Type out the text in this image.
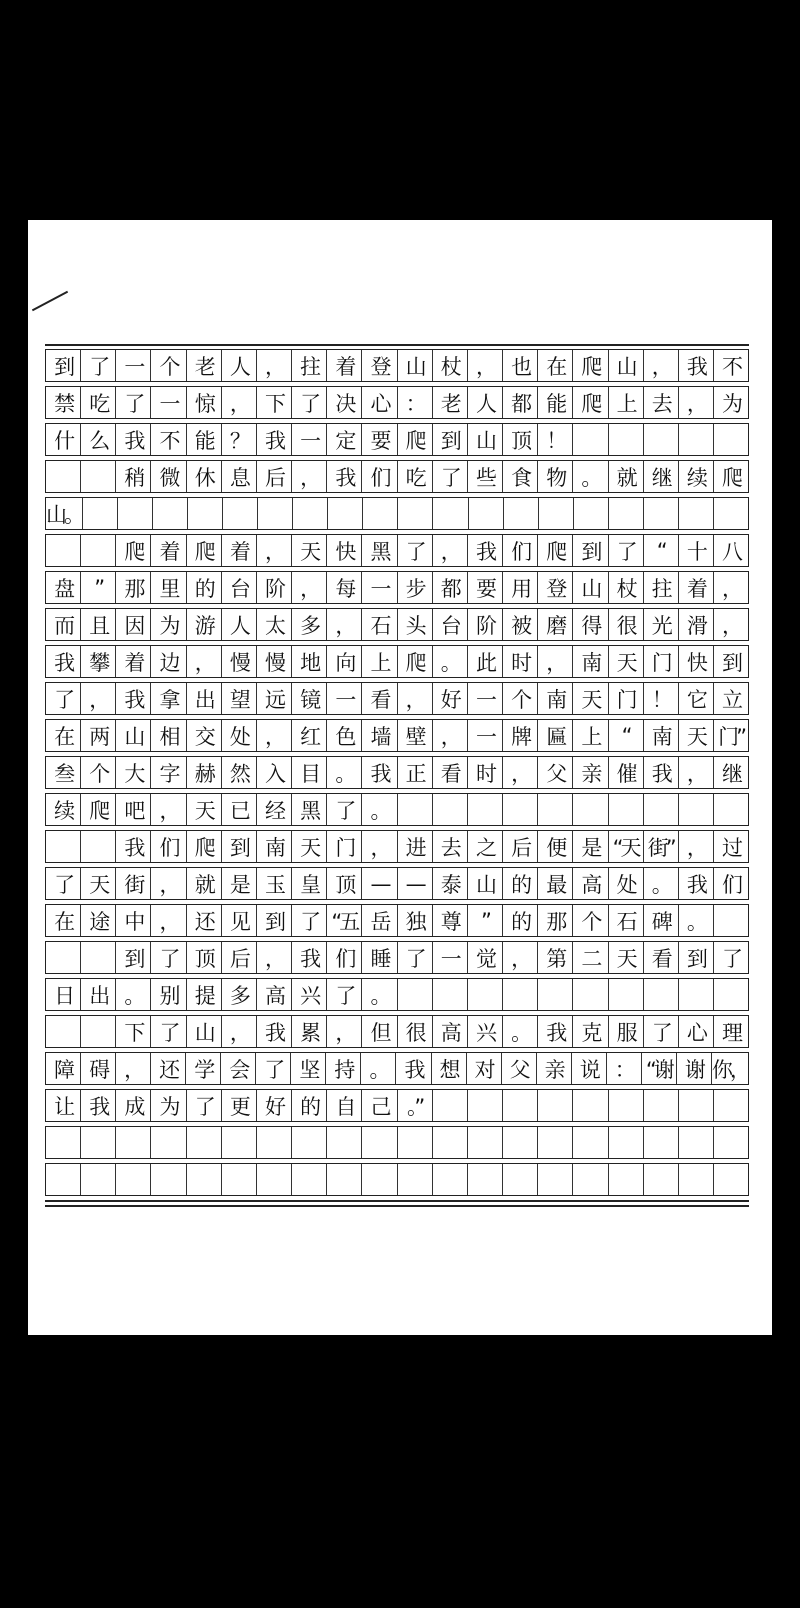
到 了 一 个 老 人 ， 拄 着 登 山 杖 ， 也 在 爬 山 ， 我 不
禁 吃 了 一 惊 ， 下 了 决 心 ： 老 人 都 能 爬 上 去 ， 为
什 么 我 不 能 ？ 我 一 定 要 爬 到 山 顶 ！
稍 微 休 息 后 ， 我 们 吃 了 些 食 物 。 就 继 续 爬
山。
爬 着 爬 着 ， 天 快 黑 了 ， 我 们 爬 到 了	“	十 八
盘	”	那 里 的 台 阶 ， 每 一 步 都 要 用 登 山 杖 拄 着 ，
而 且 因 为 游 人 太 多 ， 石 头 台 阶 被 磨 得 很 光 滑 ，
我 攀 着 边 ， 慢 慢 地 向 上 爬 。 此 时 ， 南 天 门 快 到
了 ， 我 拿 出 望 远 镜 一 看 ， 好 一 个 南 天 门 ！ 它 立
在 两 山 相 交 处 ， 红 色 墙 壁 ， 一 牌 匾 上	“	南 天 门”
叁 个 大 字 赫 然 入 目 。 我 正 看 时 ， 父 亲 催 我 ， 继
续 爬 吧 ， 天 已 经 黑 了 。
我 们 爬 到 南 天 门 ， 进 去 之 后 便 是 “天 街” ， 过
了 天 街 ， 就 是 玉 皇 顶 — — 泰 山 的 最 高 处 。 我 们
在 途 中 ， 还 见 到 了 “五 岳 独 尊	”	的 那 个 石 碑 。
到 了 顶 后 ， 我 们 睡 了 一 觉 ， 第 二 天 看 到 了
日 出 。 别 提 多 高 兴 了 。
下 了 山 ， 我 累 ， 但 很 高 兴 。 我 克 服 了 心 理
障 碍 ， 还 学 会 了 坚 持 。 我 想 对 父 亲 说 ： “谢 谢 你，
让 我 成 为 了 更 好 的 自 己 。”
